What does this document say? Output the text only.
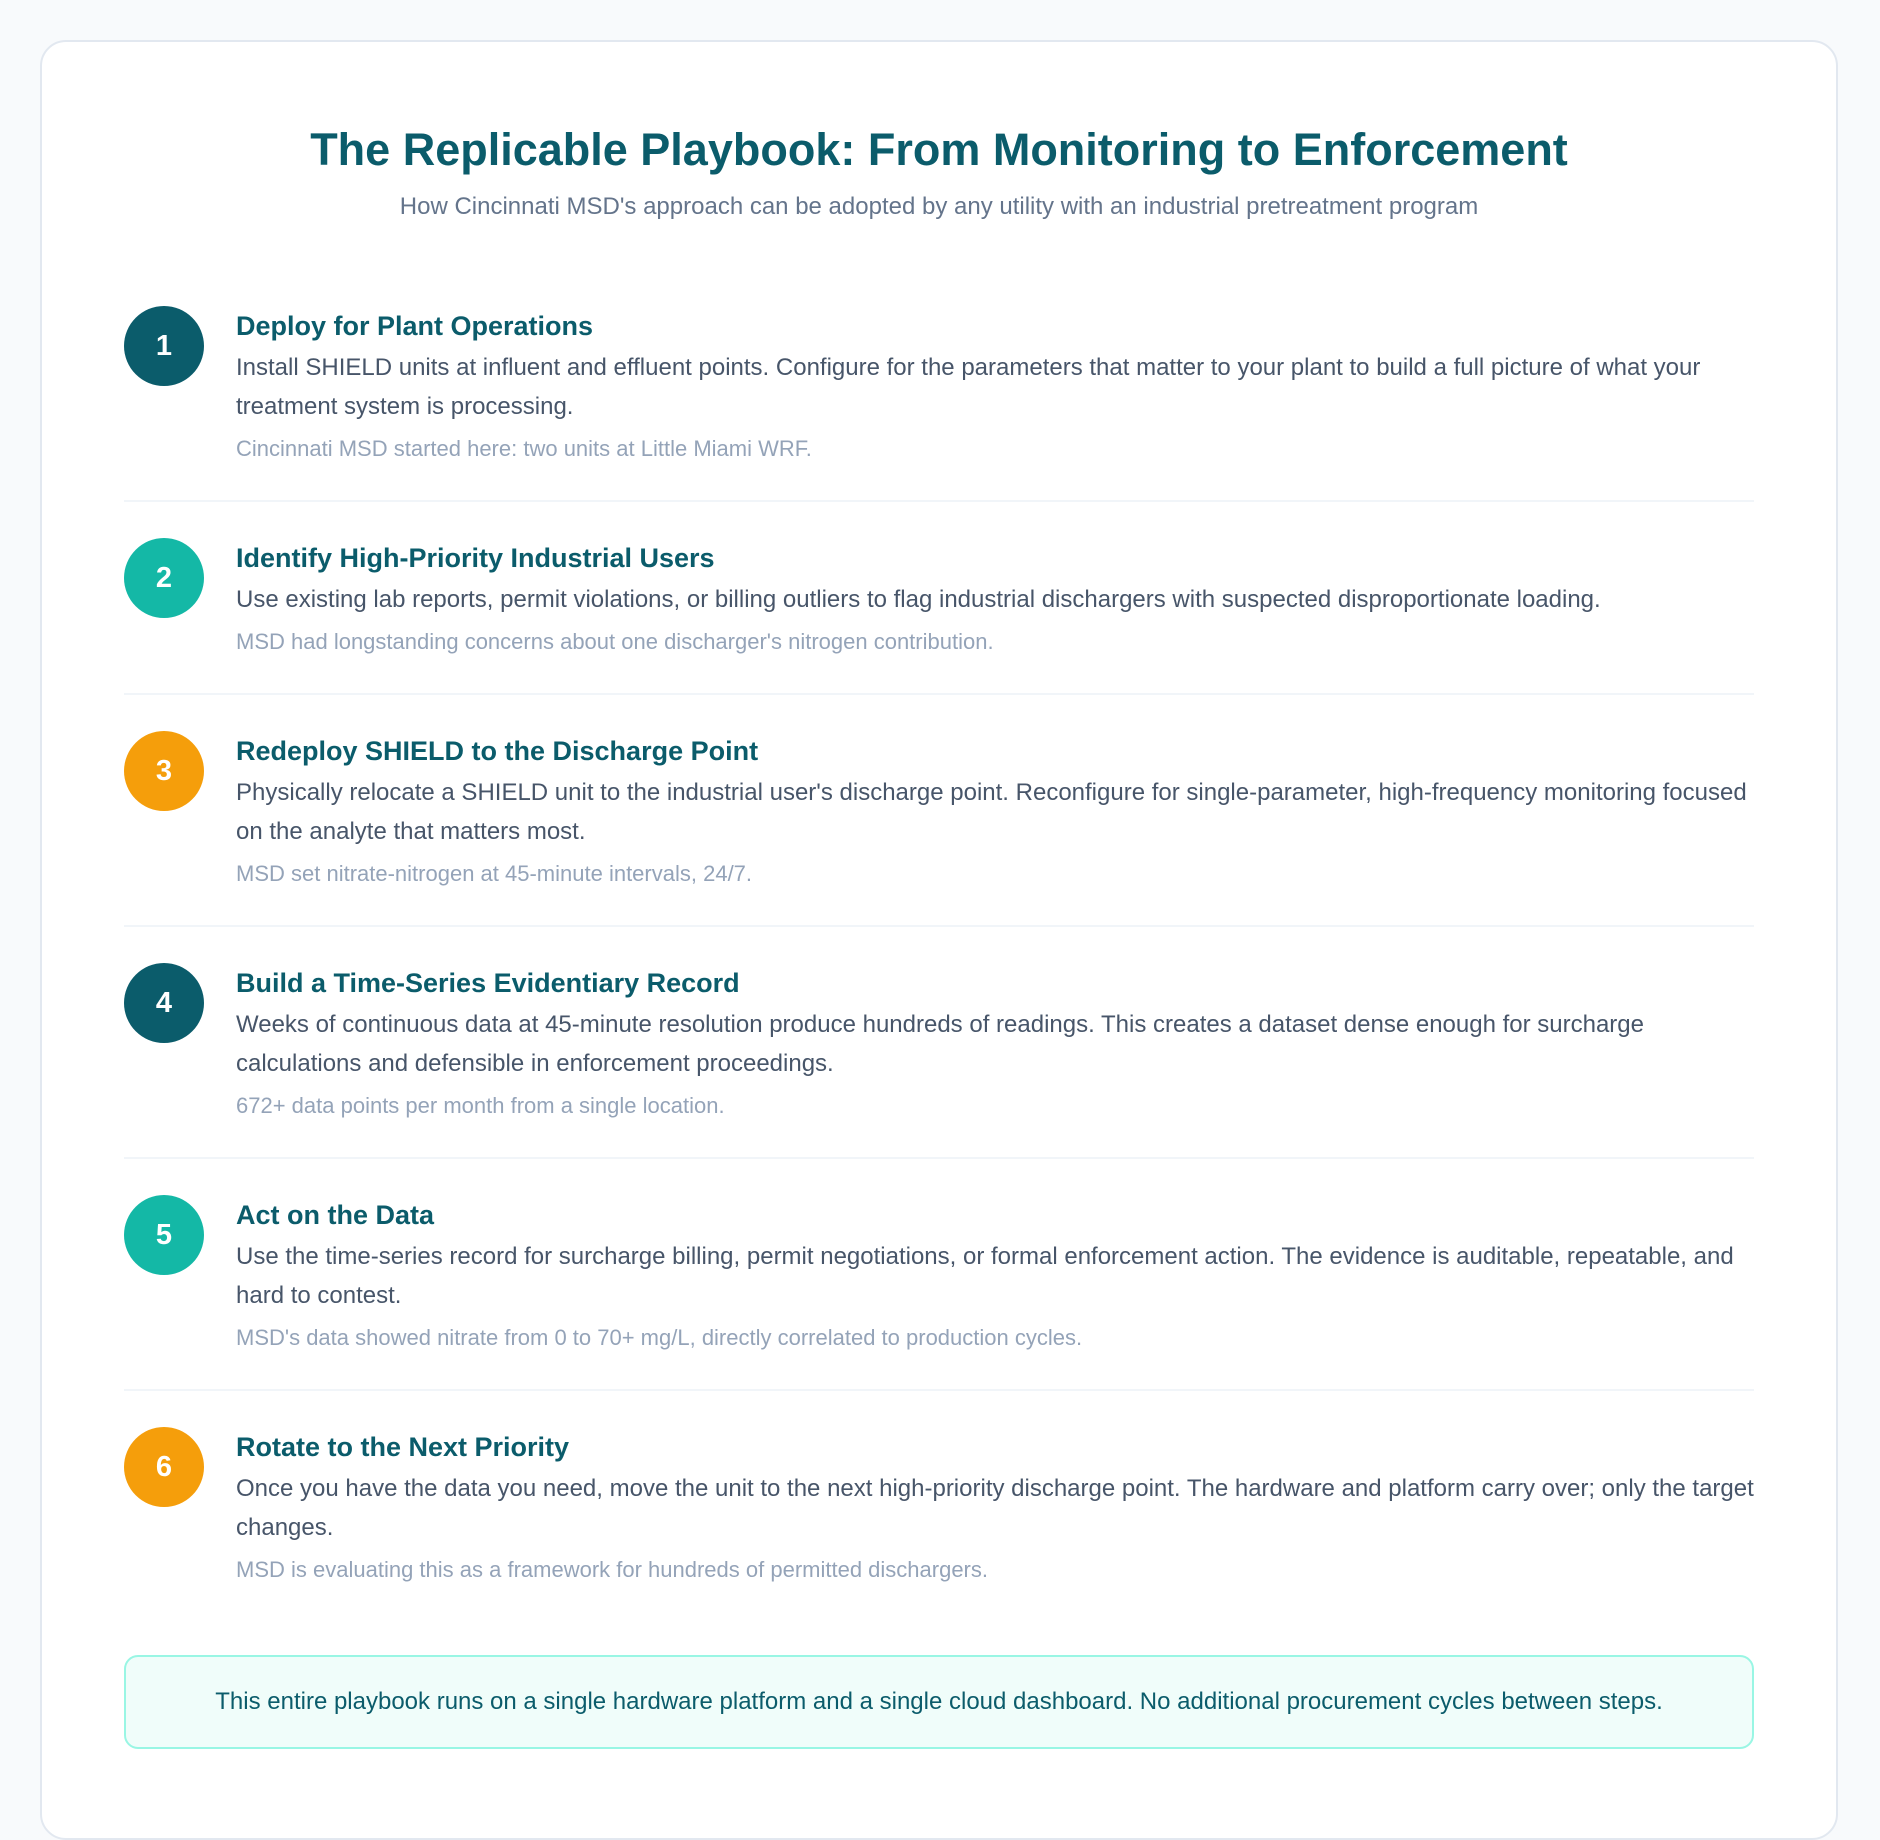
The Replicable Playbook: From Monitoring to Enforcement
How Cincinnati MSD's approach can be adopted by any utility with an industrial pretreatment program
1
Deploy for Plant Operations
Install SHIELD units at influent and effluent points. Configure for the parameters that matter to your plant to build a full picture of what your treatment system is processing.
Cincinnati MSD started here: two units at Little Miami WRF.
2
Identify High-Priority Industrial Users
Use existing lab reports, permit violations, or billing outliers to flag industrial dischargers with suspected disproportionate loading.
MSD had longstanding concerns about one discharger's nitrogen contribution.
3
Redeploy SHIELD to the Discharge Point
Physically relocate a SHIELD unit to the industrial user's discharge point. Reconfigure for single-parameter, high-frequency monitoring focused on the analyte that matters most.
MSD set nitrate-nitrogen at 45-minute intervals, 24/7.
4
Build a Time-Series Evidentiary Record
Weeks of continuous data at 45-minute resolution produce hundreds of readings. This creates a dataset dense enough for surcharge calculations and defensible in enforcement proceedings.
672+ data points per month from a single location.
5
Act on the Data
Use the time-series record for surcharge billing, permit negotiations, or formal enforcement action. The evidence is auditable, repeatable, and hard to contest.
MSD's data showed nitrate from 0 to 70+ mg/L, directly correlated to production cycles.
6
Rotate to the Next Priority
Once you have the data you need, move the unit to the next high-priority discharge point. The hardware and platform carry over; only the target changes.
MSD is evaluating this as a framework for hundreds of permitted dischargers.
This entire playbook runs on a single hardware platform and a single cloud dashboard. No additional procurement cycles between steps.
